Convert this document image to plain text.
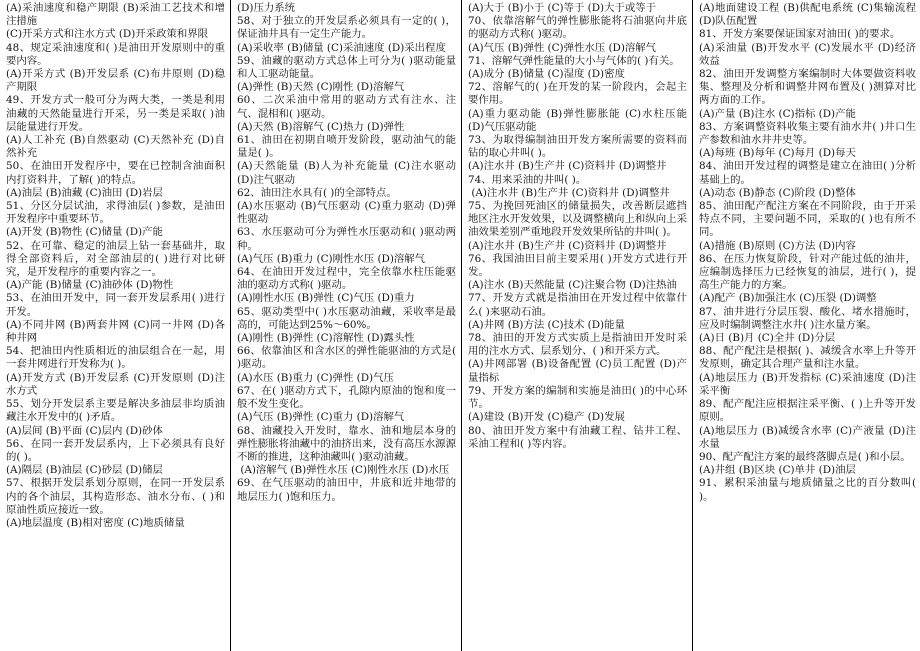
(A)采油速度和稳产期限 (B)采油工艺技术和增注措施

(C)开采方式和注水方式 (D)开采政策和界限

48、规定采油速度和( )是油田开发原则中的重要内容。

(A)开采方式 (B)开发层系 (C)布井原则 (D)稳产期限

49、开发方式一般可分为两大类，一类是利用油藏的天然能量进行开采，另一类是采取( )油层能量进行开发。

(A)人工补充 (B)自然驱动 (C)天然补充 (D)自然补充

50、在油田开发程序中，要在已控制含油面积内打资料井，了解( )的特点。

(A)油层 (B)油藏 (C)油田 (D)岩层

51、分区分层试油，求得油层( )参数，是油田开发程序中重要环节。

(A)开发 (B)物性 (C)储量 (D)产能

52、在可靠、稳定的油层上钻一套基础井，取得全部资料后，对全部油层的( )进行对比研究，是开发程序的重要内容之一。

(A)产能 (B)储量 (C)油砂体 (D)物性

53、在油田开发中，同一套开发层系用( )进行开发。

(A)不同井网 (B)两套井网 (C)同一井网 (D)各种井网

54、把油田内性质相近的油层组合在一起，用一套井网进行开发称为( )。

(A)开发方式 (B)开发层系 (C)开发原则 (D)注水方式

55、划分开发层系主要是解决多油层非均质油藏注水开发中的( )矛盾。

(A)层间 (B)平面 (C)层内 (D)砂体

56、在同一套开发层系内，上下必须具有良好的( )。

(A)隔层 (B)油层 (C)砂层 (D)储层

57、根据开发层系划分原则，在同一开发层系内的各个油层，其构造形态、油水分布、( )和原油性质应接近一致。

(A)地层温度 (B)相对密度 (C)地质储量

(D)压力系统

58、对于独立的开发层系必须具有一定的( )，保证油井具有一定生产能力。

(A)采收率 (B)储量 (C)采油速度 (D)采出程度

59、油藏的驱动方式总体上可分为( )驱动能量和人工驱动能量。

(A)弹性 (B)天然 (C)刚性 (D)溶解气

60、二次采油中常用的驱动方式有注水、注气、混相和( )驱动。

(A)天然 (B)溶解气 (C)热力 (D)弹性

61、油田在初期自喷开发阶段，驱动油气的能量是( )。

(A)天然能量 (B)人为补充能量 (C)注水驱动 (D)注气驱动

62、油田注水具有( )的全部特点。

(A)水压驱动 (B)气压驱动 (C)重力驱动 (D)弹性驱动

63、水压驱动可分为弹性水压驱动和( )驱动两种。

(A)气压 (B)重力 (C)刚性水压 (D)溶解气

64、在油田开发过程中，完全依靠水柱压能驱油的驱动方式称( )驱动。

(A)刚性水压 (B)弹性 (C)气压 (D)重力

65、驱动类型中( )水压驱动油藏，采收率是最高的，可能达到25%～60%。

(A)刚性 (B)弹性 (C)溶解性 (D)露头性

66、依靠油区和含水区的弹性能驱油的方式是( )驱动。

(A)水压 (B)重力 (C)弹性 (D)气压

67、在( )驱动方式下，孔隙内原油的饱和度一般不发生变化。

(A)气压 (B)弹性 (C)重力 (D)溶解气

68、油藏投入开发时，靠水、油和地层本身的弹性膨胀将油藏中的油挤出来，没有高压水源源不断的推进，这种油藏叫( )驱动油藏。

(A)溶解气 (B)弹性水压 (C)刚性水压 (D)水压

69、在气压驱动的油田中，井底和近井地带的地层压力( )饱和压力。

(A)大于 (B)小于 (C)等于 (D)大于或等于

70、依靠溶解气的弹性膨胀能将石油驱向井底的驱动方式称( )驱动。

(A)气压 (B)弹性 (C)弹性水压 (D)溶解气

71、溶解气弹性能量的大小与气体的( )有关。

(A)成分 (B)储量 (C)湿度 (D)密度

72、溶解气的( )在开发的某一阶段内，会起主要作用。

(A)重力驱动能 (B)弹性膨胀能 (C)水柱压能 (D)气压驱动能

73、为取得编制油田开发方案所需要的资料而钻的取心井叫( )。

(A)注水井 (B)生产井 (C)资料井 (D)调整井

74、用来采油的井叫( )。

(A)注水井 (B)生产井 (C)资料井 (D)调整井

75、为挽回死油区的储量损失，改善断层遮挡地区注水开发效果，以及调整横向上和纵向上采油效果差别严重地段开发效果所钻的井叫( )。

(A)注水井 (B)生产井 (C)资料井 (D)调整井

76、我国油田目前主要采用( )开发方式进行开发。

(A)注水 (B)天然能量 (C)注聚合物 (D)注热油

77、开发方式就是指油田在开发过程中依靠什么( )来驱动石油。

(A)井网 (B)方法 (C)技术 (D)能量

78、油田的开发方式实质上是指油田开发时采用的注水方式、层系划分、( )和开采方式。

(A)井网部署 (B)设备配置 (C)员工配置 (D)产量指标

79、开发方案的编制和实施是油田( )的中心环节。

(A)建设 (B)开发 (C)稳产 (D)发展

80、油田开发方案中有油藏工程、钻井工程、采油工程和( )等内容。

(A)地面建设工程 (B)供配电系统 (C)集输流程 (D)队伍配置

81、开发方案要保证国家对油田( )的要求。

(A)采油量 (B)开发水平 (C)发展水平 (D)经济效益

82、油田开发调整方案编制时大体要做资料收集、整理及分析和调整井网布置及( )测算对比两方面的工作。

(A)产量 (B)注水 (C)指标 (D)产能

83、方案调整资料收集主要有油水井( )井口生产参数和油水井井史等。

(A)每班 (B)每年 (C)每月 (D)每天

84、油田开发过程的调整是建立在油田( )分析基础上的。

(A)动态 (B)静态 (C)阶段 (D)整体

85、油田配产配注方案在不同阶段，由于开采特点不同，主要问题不同，采取的( )也有所不同。

(A)措施 (B)原则 (C)方法 (D)内容

86、在压力恢复阶段，针对产能过低的油井，应编制选择压力已经恢复的油层，进行( )，提高生产能力的方案。

(A)配产 (B)加强注水 (C)压裂 (D)调整

87、油井进行分层压裂、酸化、堵水措施时，应及时编制调整注水井( )注水量方案。

(A)日 (B)月 (C)全井 (D)分层

88、配产配注是根据( )、减缓含水率上升等开发原则，确定其合理产量和注水量。

(A)地层压力 (B)开发指标 (C)采油速度 (D)注采平衡

89、配产配注应根据注采平衡、( )上升等开发原则。

(A)地层压力 (B)减缓含水率 (C)产液量 (D)注水量

90、配产配注方案的最终落脚点是( )和小层。

(A)井组 (B)区块 (C)单井 (D)油层

91、累积采油量与地质储量之比的百分数叫( )。
